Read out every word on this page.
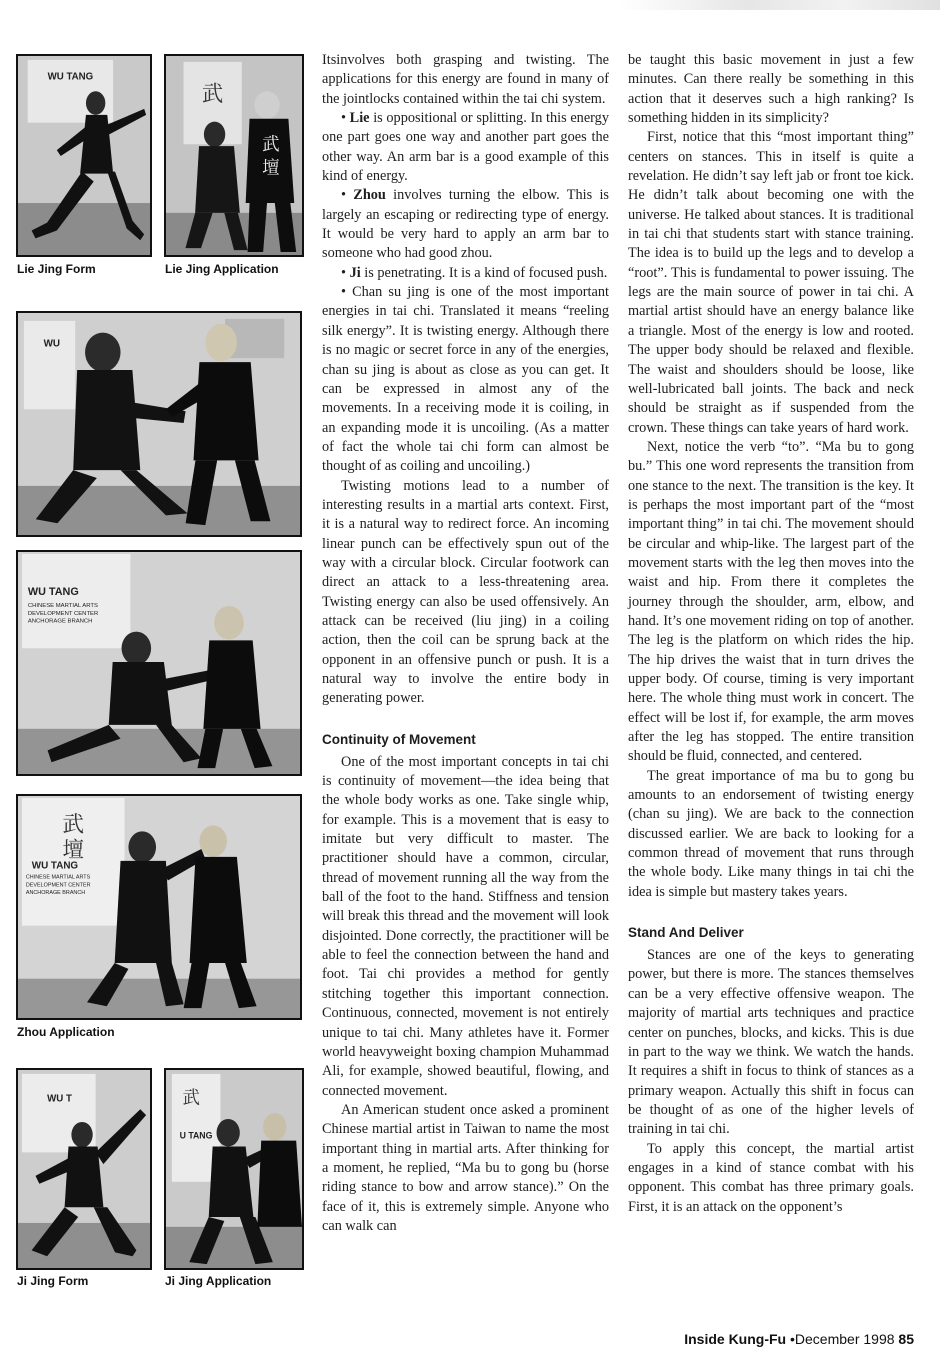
WU TANG
武
武
壇
Lie Jing Form	Lie Jing Application
WU
WU TANG
CHINESE MARTIAL ARTS
DEVELOPMENT CENTER
ANCHORAGE BRANCH
武
壇
WU TANG
CHINESE MARTIAL ARTS
DEVELOPMENT CENTER
ANCHORAGE BRANCH
Zhou Application
WU T	武
U TANG
Ji Jing Form	Ji Jing Application

Itsinvolves both grasping and twisting. The applications for this energy are found in many of the jointlocks contained within the tai chi system.

• Lie is oppositional or splitting. In this energy one part goes one way and another part goes the other way. An arm bar is a good example of this kind of energy.

• Zhou involves turning the elbow. This is largely an escaping or redirecting type of energy. It would be very hard to apply an arm bar to someone who had good zhou.

• Ji is penetrating. It is a kind of focused push.

• Chan su jing is one of the most important energies in tai chi. Translated it means “reeling silk energy”. It is twisting energy. Although there is no magic or secret force in any of the energies, chan su jing is about as close as you can get. It can be expressed in almost any of the movements. In a receiving mode it is coiling, in an expanding mode it is uncoiling. (As a matter of fact the whole tai chi form can almost be thought of as coiling and uncoiling.)

Twisting motions lead to a number of interesting results in a martial arts context. First, it is a natural way to redirect force. An incoming linear punch can be effectively spun out of the way with a circular block. Circular footwork can direct an attack to a less-threatening area. Twisting energy can also be used offensively. An attack can be received (liu jing) in a coiling action, then the coil can be sprung back at the opponent in an offensive punch or push. It is a natural way to involve the entire body in generating power.

Continuity of Movement

One of the most important concepts in tai chi is continuity of movement—the idea being that the whole body works as one. Take single whip, for example. This is a movement that is easy to imitate but very difficult to master. The practitioner should have a common, circular, thread of movement running all the way from the ball of the foot to the hand. Stiffness and tension will break this thread and the movement will look disjointed. Done correctly, the practitioner will be able to feel the connection between the hand and foot. Tai chi provides a method for gently stitching together this important connection. Continuous, connected, movement is not entirely unique to tai chi. Many athletes have it. Former world heavyweight boxing champion Muhammad Ali, for example, showed beautiful, flowing, and connected movement.

An American student once asked a prominent Chinese martial artist in Taiwan to name the most important thing in martial arts. After thinking for a moment, he replied, “Ma bu to gong bu (horse riding stance to bow and arrow stance).” On the face of it, this is extremely simple. Anyone who can walk can

be taught this basic movement in just a few minutes. Can there really be something in this action that it deserves such a high ranking? Is something hidden in its simplicity?

First, notice that this “most important thing” centers on stances. This in itself is quite a revelation. He didn’t say left jab or front toe kick. He didn’t talk about becoming one with the universe. He talked about stances. It is traditional in tai chi that students start with stance training. The idea is to build up the legs and to develop a “root”. This is fundamental to power issuing. The legs are the main source of power in tai chi. A martial artist should have an energy balance like a triangle. Most of the energy is low and rooted. The upper body should be relaxed and flexible. The waist and shoulders should be loose, like well-lubricated ball joints. The back and neck should be straight as if suspended from the crown. These things can take years of hard work.

Next, notice the verb “to”. “Ma bu to gong bu.” This one word represents the transition from one stance to the next. The transition is the key. It is perhaps the most important part of the “most important thing” in tai chi. The movement should be circular and whip-like. The largest part of the movement starts with the leg then moves into the waist and hip. From there it completes the journey through the shoulder, arm, elbow, and hand. It’s one movement riding on top of another. The leg is the platform on which rides the hip. The hip drives the waist that in turn drives the upper body. Of course, timing is very important here. The whole thing must work in concert. The effect will be lost if, for example, the arm moves after the leg has stopped. The entire transition should be fluid, connected, and centered.

The great importance of ma bu to gong bu amounts to an endorsement of twisting energy (chan su jing). We are back to the connection discussed earlier. We are back to looking for a common thread of movement that runs through the whole body. Like many things in tai chi the idea is simple but mastery takes years.

Stand And Deliver

Stances are one of the keys to generating power, but there is more. The stances themselves can be a very effective offensive weapon. The majority of martial arts techniques and practice center on punches, blocks, and kicks. This is due in part to the way we think. We watch the hands. It requires a shift in focus to think of stances as a primary weapon. Actually this shift in focus can be thought of as one of the higher levels of training in tai chi.

To apply this concept, the martial artist engages in a kind of stance combat with his opponent. This combat has three primary goals. First, it is an attack on the opponent’s

Inside Kung-Fu •December 1998 85
